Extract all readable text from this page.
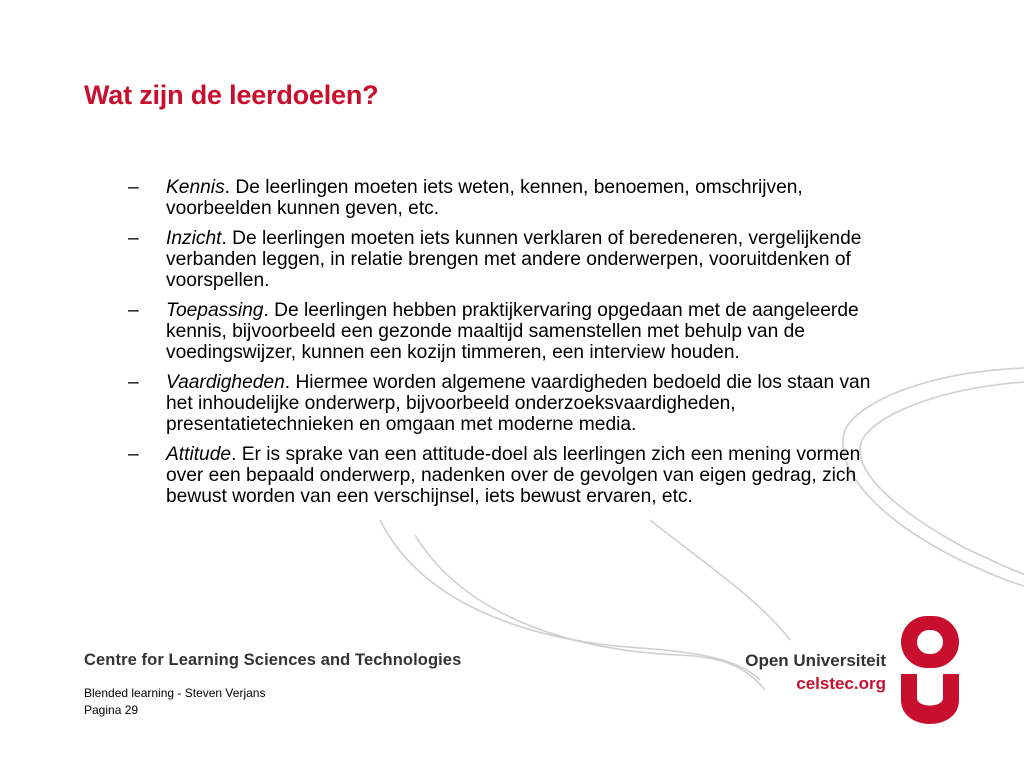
Wat zijn de leerdoelen?
– Kennis. De leerlingen moeten iets weten, kennen, benoemen, omschrijven, voorbeelden kunnen geven, etc.
– Inzicht. De leerlingen moeten iets kunnen verklaren of beredeneren, vergelijkende verbanden leggen, in relatie brengen met andere onderwerpen, vooruitdenken of voorspellen.
– Toepassing. De leerlingen hebben praktijkervaring opgedaan met de aangeleerde kennis, bijvoorbeeld een gezonde maaltijd samenstellen met behulp van de voedingswijzer, kunnen een kozijn timmeren, een interview houden.
– Vaardigheden. Hiermee worden algemene vaardigheden bedoeld die los staan van het inhoudelijke onderwerp, bijvoorbeeld onderzoeksvaardigheden, presentatietechnieken en omgaan met moderne media.
– Attitude. Er is sprake van een attitude-doel als leerlingen zich een mening vormen over een bepaald onderwerp, nadenken over de gevolgen van eigen gedrag, zich bewust worden van een verschijnsel, iets bewust ervaren, etc.

Centre for Learning Sciences and Technologies	Open Universiteit

celstec.org

Blended learning - Steven Verjans
Pagina 29
